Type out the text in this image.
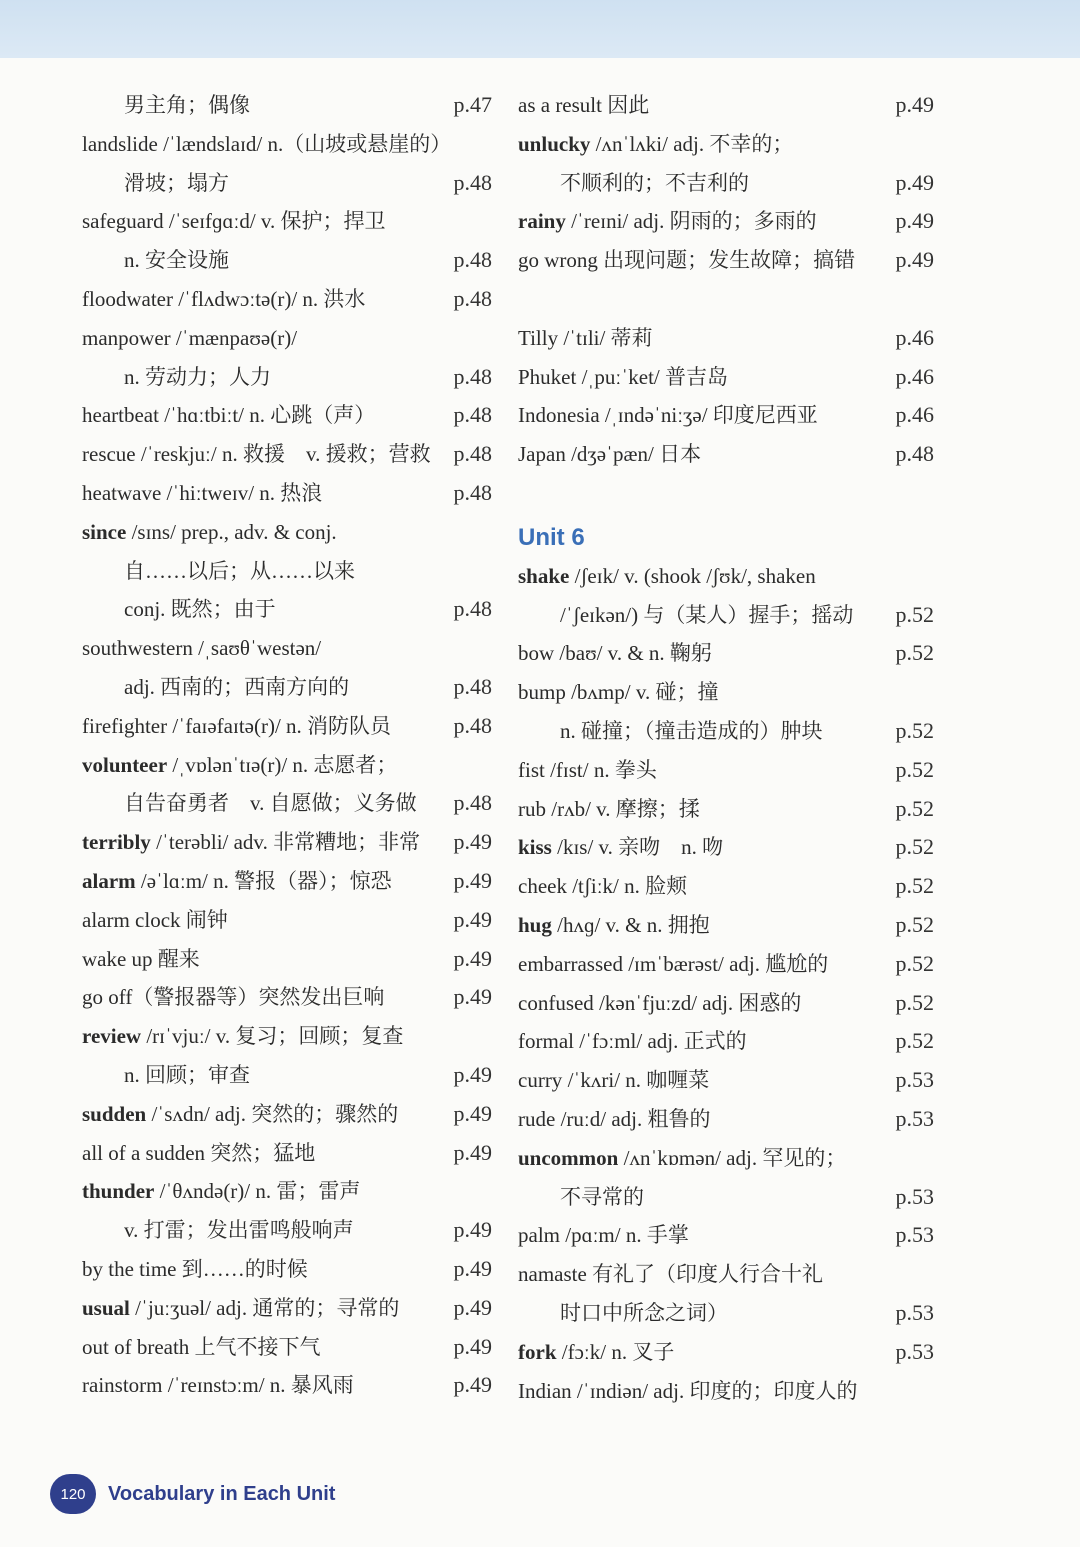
男主角；偶像	p.47
landslide /ˈlændslaɪd/ n.（山坡或悬崖的）
滑坡；塌方	p.48
safeguard /ˈseɪfɡɑːd/ v. 保护；捍卫
n. 安全设施	p.48
floodwater /ˈflʌdwɔːtə(r)/ n. 洪水	p.48
manpower /ˈmænpaʊə(r)/
n. 劳动力；人力	p.48
heartbeat /ˈhɑːtbiːt/ n. 心跳（声）	p.48
rescue /ˈreskjuː/ n. 救援　v. 援救；营救 p.48
heatwave /ˈhiːtweɪv/ n. 热浪	p.48
since /sɪns/ prep., adv. & conj.
自……以后；从……以来
conj. 既然；由于	p.48
southwestern /ˌsaʊθˈwestən/
adj. 西南的；西南方向的	p.48
firefighter /ˈfaɪəfaɪtə(r)/ n. 消防队员	p.48
volunteer /ˌvɒlənˈtɪə(r)/ n. 志愿者；
自告奋勇者　v. 自愿做；义务做 p.48
terribly /ˈterəbli/ adv. 非常糟地；非常 p.49
alarm /əˈlɑːm/ n. 警报（器）；惊恐	p.49
alarm clock 闹钟	p.49
wake up 醒来	p.49
go off（警报器等）突然发出巨响	p.49
review /rɪˈvjuː/ v. 复习；回顾；复查
n. 回顾；审查	p.49
sudden /ˈsʌdn/ adj. 突然的；骤然的	p.49
all of a sudden 突然；猛地	p.49
thunder /ˈθʌndə(r)/ n. 雷；雷声
v. 打雷；发出雷鸣般响声	p.49
by the time 到……的时候	p.49
usual /ˈjuːʒuəl/ adj. 通常的；寻常的 p.49
out of breath 上气不接下气	p.49
rainstorm /ˈreɪnstɔːm/ n. 暴风雨	p.49
as a result 因此	p.49
unlucky /ʌnˈlʌki/ adj. 不幸的；
不顺利的；不吉利的	p.49
rainy /ˈreɪni/ adj. 阴雨的；多雨的	p.49
go wrong 出现问题；发生故障；搞错 p.49
Tilly /ˈtɪli/ 蒂莉	p.46
Phuket /ˌpuːˈket/ 普吉岛	p.46
Indonesia /ˌɪndəˈniːʒə/ 印度尼西亚	p.46
Japan /dʒəˈpæn/ 日本	p.48
Unit 6
shake /ʃeɪk/ v. (shook /ʃʊk/, shaken
/ˈʃeɪkən/) 与（某人）握手；摇动 p.52
bow /baʊ/ v. & n. 鞠躬	p.52
bump /bʌmp/ v. 碰；撞
n. 碰撞；（撞击造成的）肿块	p.52
fist /fɪst/ n. 拳头	p.52
rub /rʌb/ v. 摩擦；揉	p.52
kiss /kɪs/ v. 亲吻　n. 吻	p.52
cheek /tʃiːk/ n. 脸颊	p.52
hug /hʌɡ/ v. & n. 拥抱	p.52
embarrassed /ɪmˈbærəst/ adj. 尴尬的	p.52
confused /kənˈfjuːzd/ adj. 困惑的	p.52
formal /ˈfɔːml/ adj. 正式的	p.52
curry /ˈkʌri/ n. 咖喱菜	p.53
rude /ruːd/ adj. 粗鲁的	p.53
uncommon /ʌnˈkɒmən/ adj. 罕见的；
不寻常的	p.53
palm /pɑːm/ n. 手掌	p.53
namaste 有礼了（印度人行合十礼
时口中所念之词）	p.53
fork /fɔːk/ n. 叉子	p.53
Indian /ˈɪndiən/ adj. 印度的；印度人的
120	Vocabulary in Each Unit
